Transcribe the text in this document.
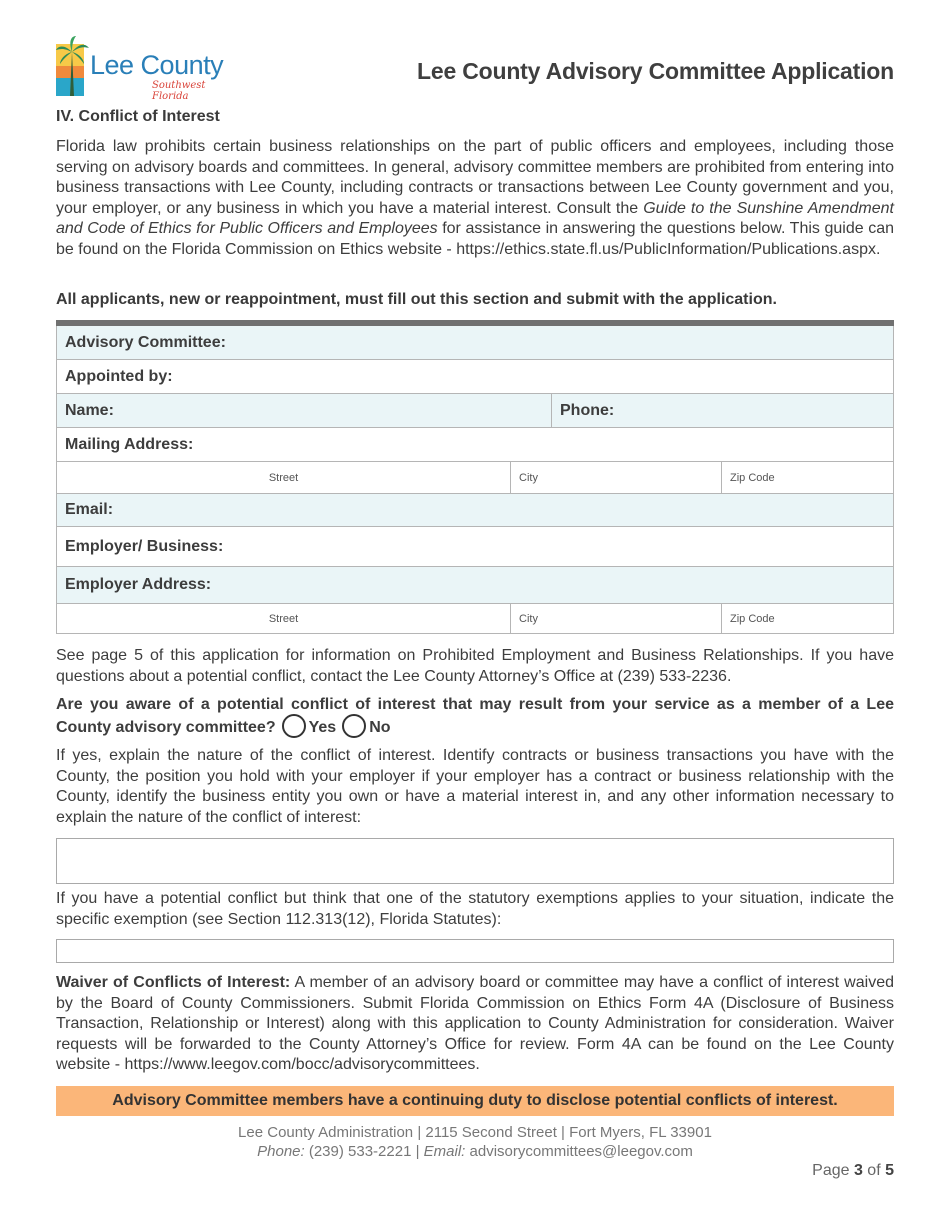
Lee County
Southwest Florida
Lee County Advisory Committee Application
IV. Conflict of Interest
Florida law prohibits certain business relationships on the part of public officers and employees, including those serving on advisory boards and committees. In general, advisory committee members are prohibited from entering into business transactions with Lee County, including contracts or transactions between Lee County government and you, your employer, or any business in which you have a material interest. Consult the Guide to the Sunshine Amendment and Code of Ethics for Public Officers and Employees for assistance in answering the questions below. This guide can be found on the Florida Commission on Ethics website - https://ethics.state.fl.us/PublicInformation/Publications.aspx.
All applicants, new or reappointment, must fill out this section and submit with the application.
Advisory Committee:
Appointed by:
Name:	Phone:
Mailing Address:
Street	City	Zip Code
Email:
Employer/ Business:
Employer Address:
Street	City	Zip Code
See page 5 of this application for information on Prohibited Employment and Business Relationships. If you have questions about a potential conflict, contact the Lee County Attorney’s Office at (239) 533-2236.
Are you aware of a potential conflict of interest that may result from your service as a member of a Lee County advisory committee? Yes No
If yes, explain the nature of the conflict of interest. Identify contracts or business transactions you have with the County, the position you hold with your employer if your employer has a contract or business relationship with the County, identify the business entity you own or have a material interest in, and any other information necessary to explain the nature of the conflict of interest:
If you have a potential conflict but think that one of the statutory exemptions applies to your situation, indicate the specific exemption (see Section 112.313(12), Florida Statutes):
Waiver of Conflicts of Interest: A member of an advisory board or committee may have a conflict of interest waived by the Board of County Commissioners. Submit Florida Commission on Ethics Form 4A (Disclosure of Business Transaction, Relationship or Interest) along with this application to County Administration for consideration. Waiver requests will be forwarded to the County Attorney’s Office for review. Form 4A can be found on the Lee County website - https://www.leegov.com/bocc/advisorycommittees.
Advisory Committee members have a continuing duty to disclose potential conflicts of interest.
Lee County Administration | 2115 Second Street | Fort Myers, FL 33901
Phone: (239) 533-2221 | Email: advisorycommittees@leegov.com
Page 3 of 5
